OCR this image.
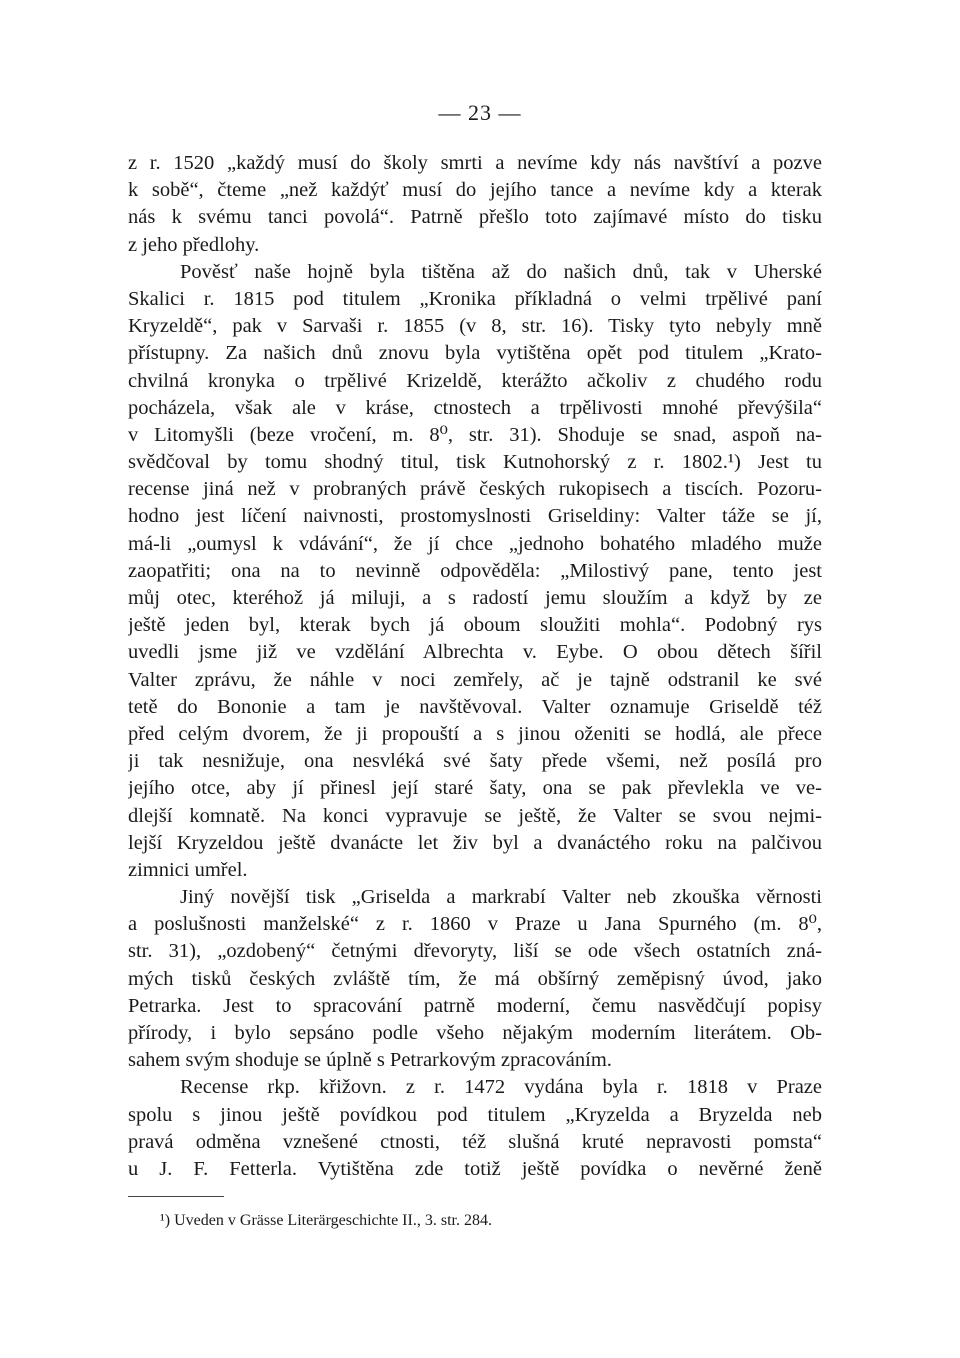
— 23 —
z r. 1520 „každý musí do školy smrti a nevíme kdy nás navštíví a pozve
k sobě“, čteme „než každýť musí do jejího tance a nevíme kdy a kterak
nás k svému tanci povolá“. Patrně přešlo toto zajímavé místo do tisku
z jeho předlohy.
Pověsť naše hojně byla tištěna až do našich dnů, tak v Uherské
Skalici r. 1815 pod titulem „Kronika příkladná o velmi trpělivé paní
Kryzeldě“, pak v Sarvaši r. 1855 (v 8, str. 16). Tisky tyto nebyly mně
přístupny. Za našich dnů znovu byla vytištěna opět pod titulem „Krato-
chvilná kronyka o trpělivé Krizeldě, kterážto ačkoliv z chudého rodu
pocházela, však ale v kráse, ctnostech a trpělivosti mnohé převýšila“
v Litomyšli (beze vročení, m. 8⁰, str. 31). Shoduje se snad, aspoň na-
svědčoval by tomu shodný titul, tisk Kutnohorský z r. 1802.¹) Jest tu
recense jiná než v probraných právě českých rukopisech a tiscích. Pozoru-
hodno jest líčení naivnosti, prostomyslnosti Griseldiny: Valter táže se jí,
má-li „oumysl k vdávání“, že jí chce „jednoho bohatého mladého muže
zaopatřiti; ona na to nevinně odpověděla: „Milostivý pane, tento jest
můj otec, kteréhož já miluji, a s radostí jemu sloužím a když by ze
ještě jeden byl, kterak bych já oboum sloužiti mohla“. Podobný rys
uvedli jsme již ve vzdělání Albrechta v. Eybe. O obou dětech šířil
Valter zprávu, že náhle v noci zemřely, ač je tajně odstranil ke své
tetě do Bononie a tam je navštěvoval. Valter oznamuje Griseldě též
před celým dvorem, že ji propouští a s jinou oženiti se hodlá, ale přece
ji tak nesnižuje, ona nesvléká své šaty přede všemi, než posílá pro
jejího otce, aby jí přinesl její staré šaty, ona se pak převlekla ve ve-
dlejší komnatě. Na konci vypravuje se ještě, že Valter se svou nejmi-
lejší Kryzeldou ještě dvanácte let živ byl a dvanáctého roku na palčivou
zimnici umřel.
Jiný novější tisk „Griselda a markrabí Valter neb zkouška věrnosti
a poslušnosti manželské“ z r. 1860 v Praze u Jana Spurného (m. 8⁰,
str. 31), „ozdobený“ četnými dřevoryty, liší se ode všech ostatních zná-
mých tisků českých zvláště tím, že má obšírný zeměpisný úvod, jako
Petrarka. Jest to spracování patrně moderní, čemu nasvědčují popisy
přírody, i bylo sepsáno podle všeho nějakým moderním literátem. Ob-
sahem svým shoduje se úplně s Petrarkovým zpracováním.
Recense rkp. křižovn. z r. 1472 vydána byla r. 1818 v Praze
spolu s jinou ještě povídkou pod titulem „Kryzelda a Bryzelda neb
pravá odměna vznešené ctnosti, též slušná kruté nepravosti pomsta“
u J. F. Fetterla. Vytištěna zde totiž ještě povídka o nevěrné ženě
¹) Uveden v Grässe Literärgeschichte II., 3. str. 284.
